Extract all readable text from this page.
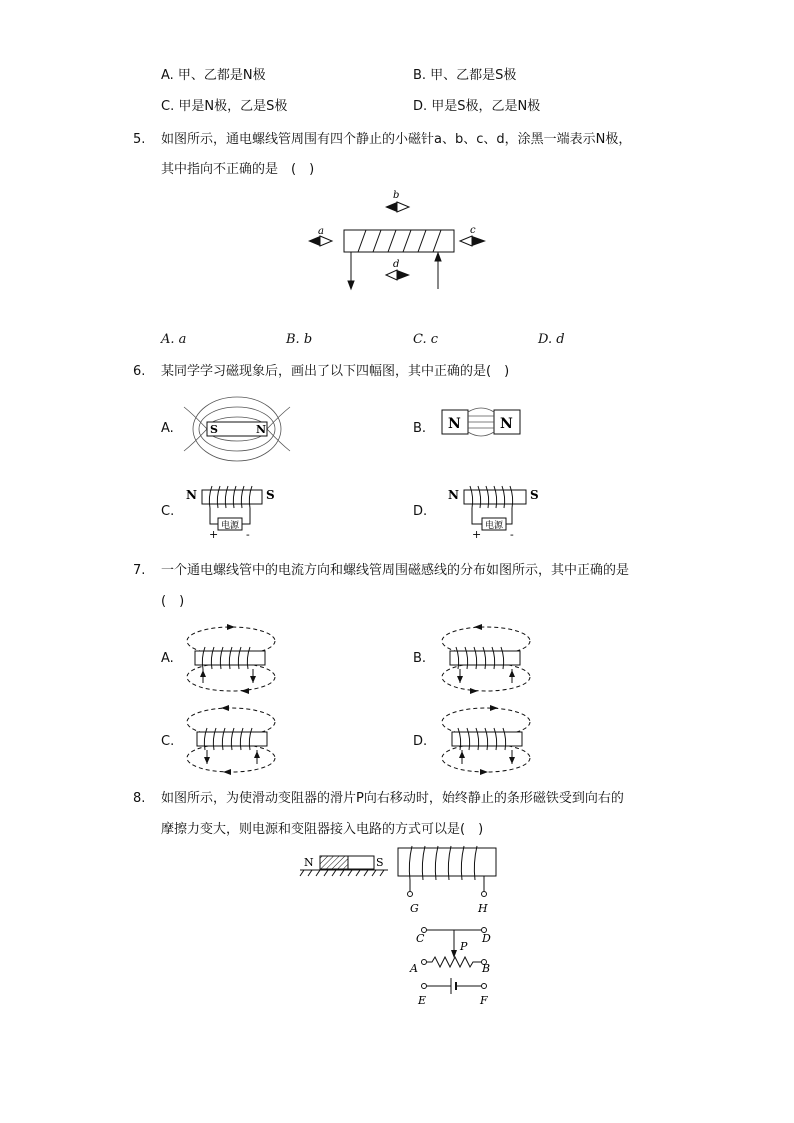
A. 甲、乙都是N极	B. 甲、乙都是S极
C. 甲是N极，乙是S极	D. 甲是S极，乙是N极
5. 如图所示，通电螺线管周围有四个静止的小磁针a、b、c、d，涂黑一端表示N极，
其中指向不正确的是　(　)
b
a	c
d
A. a	B. b	C. c	D. d
6. 某同学学习磁现象后，画出了以下四幅图，其中正确的是(　)
A.	S	N	B. N	N
C.
N	S
电源
+	-
D.
N	S
电源
+	-
7. 一个通电螺线管中的电流方向和螺线管周围磁感线的分布如图所示，其中正确的是
(　)
A.	B.
C.	D.
8. 如图所示，为使滑动变阻器的滑片P向右移动时，始终静止的条形磁铁受到向右的
摩擦力变大，则电源和变阻器接入电路的方式可以是(　)
N	S
G	H
C	D
P
A	B
E	F
